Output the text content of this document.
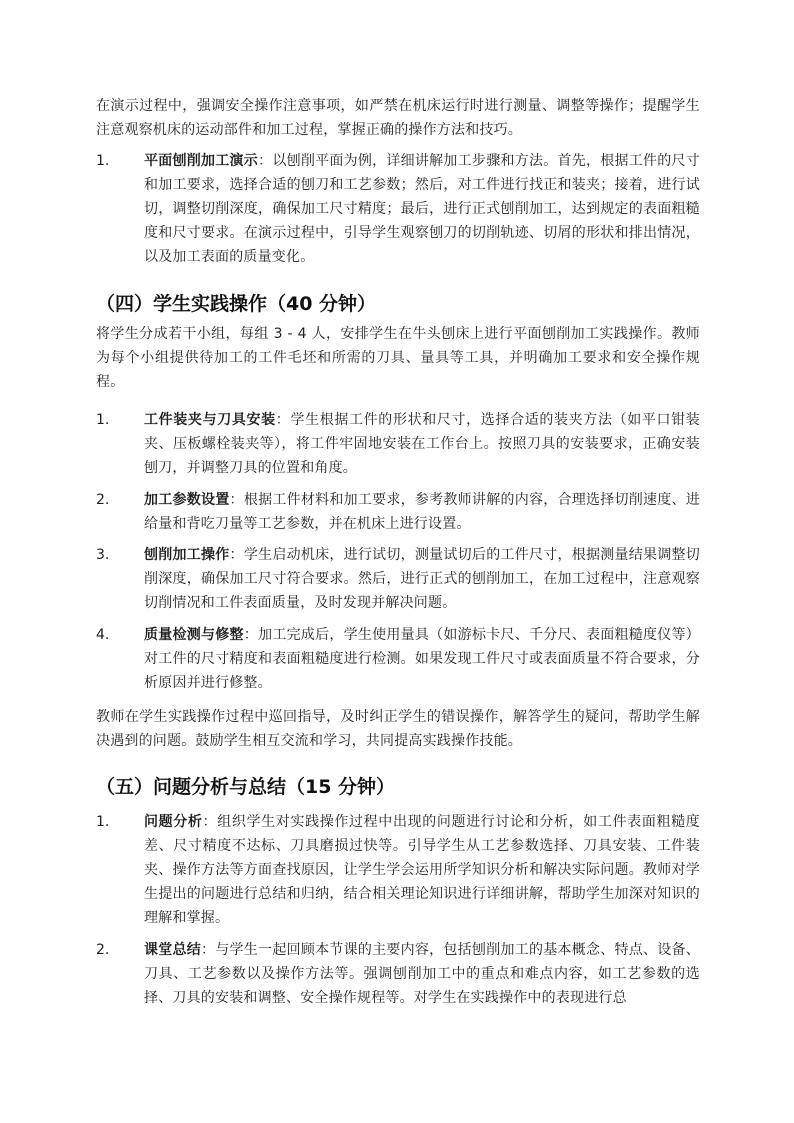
在演示过程中，强调安全操作注意事项，如严禁在机床运行时进行测量、调整等操作；提醒学生注意观察机床的运动部件和加工过程，掌握正确的操作方法和技巧。
1. 平面刨削加工演示：以刨削平面为例，详细讲解加工步骤和方法。首先，根据工件的尺寸和加工要求，选择合适的刨刀和工艺参数；然后，对工件进行找正和装夹；接着，进行试切，调整切削深度，确保加工尺寸精度；最后，进行正式刨削加工，达到规定的表面粗糙度和尺寸要求。在演示过程中，引导学生观察刨刀的切削轨迹、切屑的形状和排出情况，以及加工表面的质量变化。
（四）学生实践操作（40 分钟）
将学生分成若干小组，每组 3 - 4 人，安排学生在牛头刨床上进行平面刨削加工实践操作。教师为每个小组提供待加工的工件毛坯和所需的刀具、量具等工具，并明确加工要求和安全操作规程。
1. 工件装夹与刀具安装：学生根据工件的形状和尺寸，选择合适的装夹方法（如平口钳装夹、压板螺栓装夹等），将工件牢固地安装在工作台上。按照刀具的安装要求，正确安装刨刀，并调整刀具的位置和角度。
2. 加工参数设置：根据工件材料和加工要求，参考教师讲解的内容，合理选择切削速度、进给量和背吃刀量等工艺参数，并在机床上进行设置。
3. 刨削加工操作：学生启动机床，进行试切，测量试切后的工件尺寸，根据测量结果调整切削深度，确保加工尺寸符合要求。然后，进行正式的刨削加工，在加工过程中，注意观察切削情况和工件表面质量，及时发现并解决问题。
4. 质量检测与修整：加工完成后，学生使用量具（如游标卡尺、千分尺、表面粗糙度仪等）对工件的尺寸精度和表面粗糙度进行检测。如果发现工件尺寸或表面质量不符合要求，分析原因并进行修整。
教师在学生实践操作过程中巡回指导，及时纠正学生的错误操作，解答学生的疑问，帮助学生解决遇到的问题。鼓励学生相互交流和学习，共同提高实践操作技能。
（五）问题分析与总结（15 分钟）
1. 问题分析：组织学生对实践操作过程中出现的问题进行讨论和分析，如工件表面粗糙度差、尺寸精度不达标、刀具磨损过快等。引导学生从工艺参数选择、刀具安装、工件装夹、操作方法等方面查找原因，让学生学会运用所学知识分析和解决实际问题。教师对学生提出的问题进行总结和归纳，结合相关理论知识进行详细讲解，帮助学生加深对知识的理解和掌握。
2. 课堂总结：与学生一起回顾本节课的主要内容，包括刨削加工的基本概念、特点、设备、刀具、工艺参数以及操作方法等。强调刨削加工中的重点和难点内容，如工艺参数的选择、刀具的安装和调整、安全操作规程等。对学生在实践操作中的表现进行总
